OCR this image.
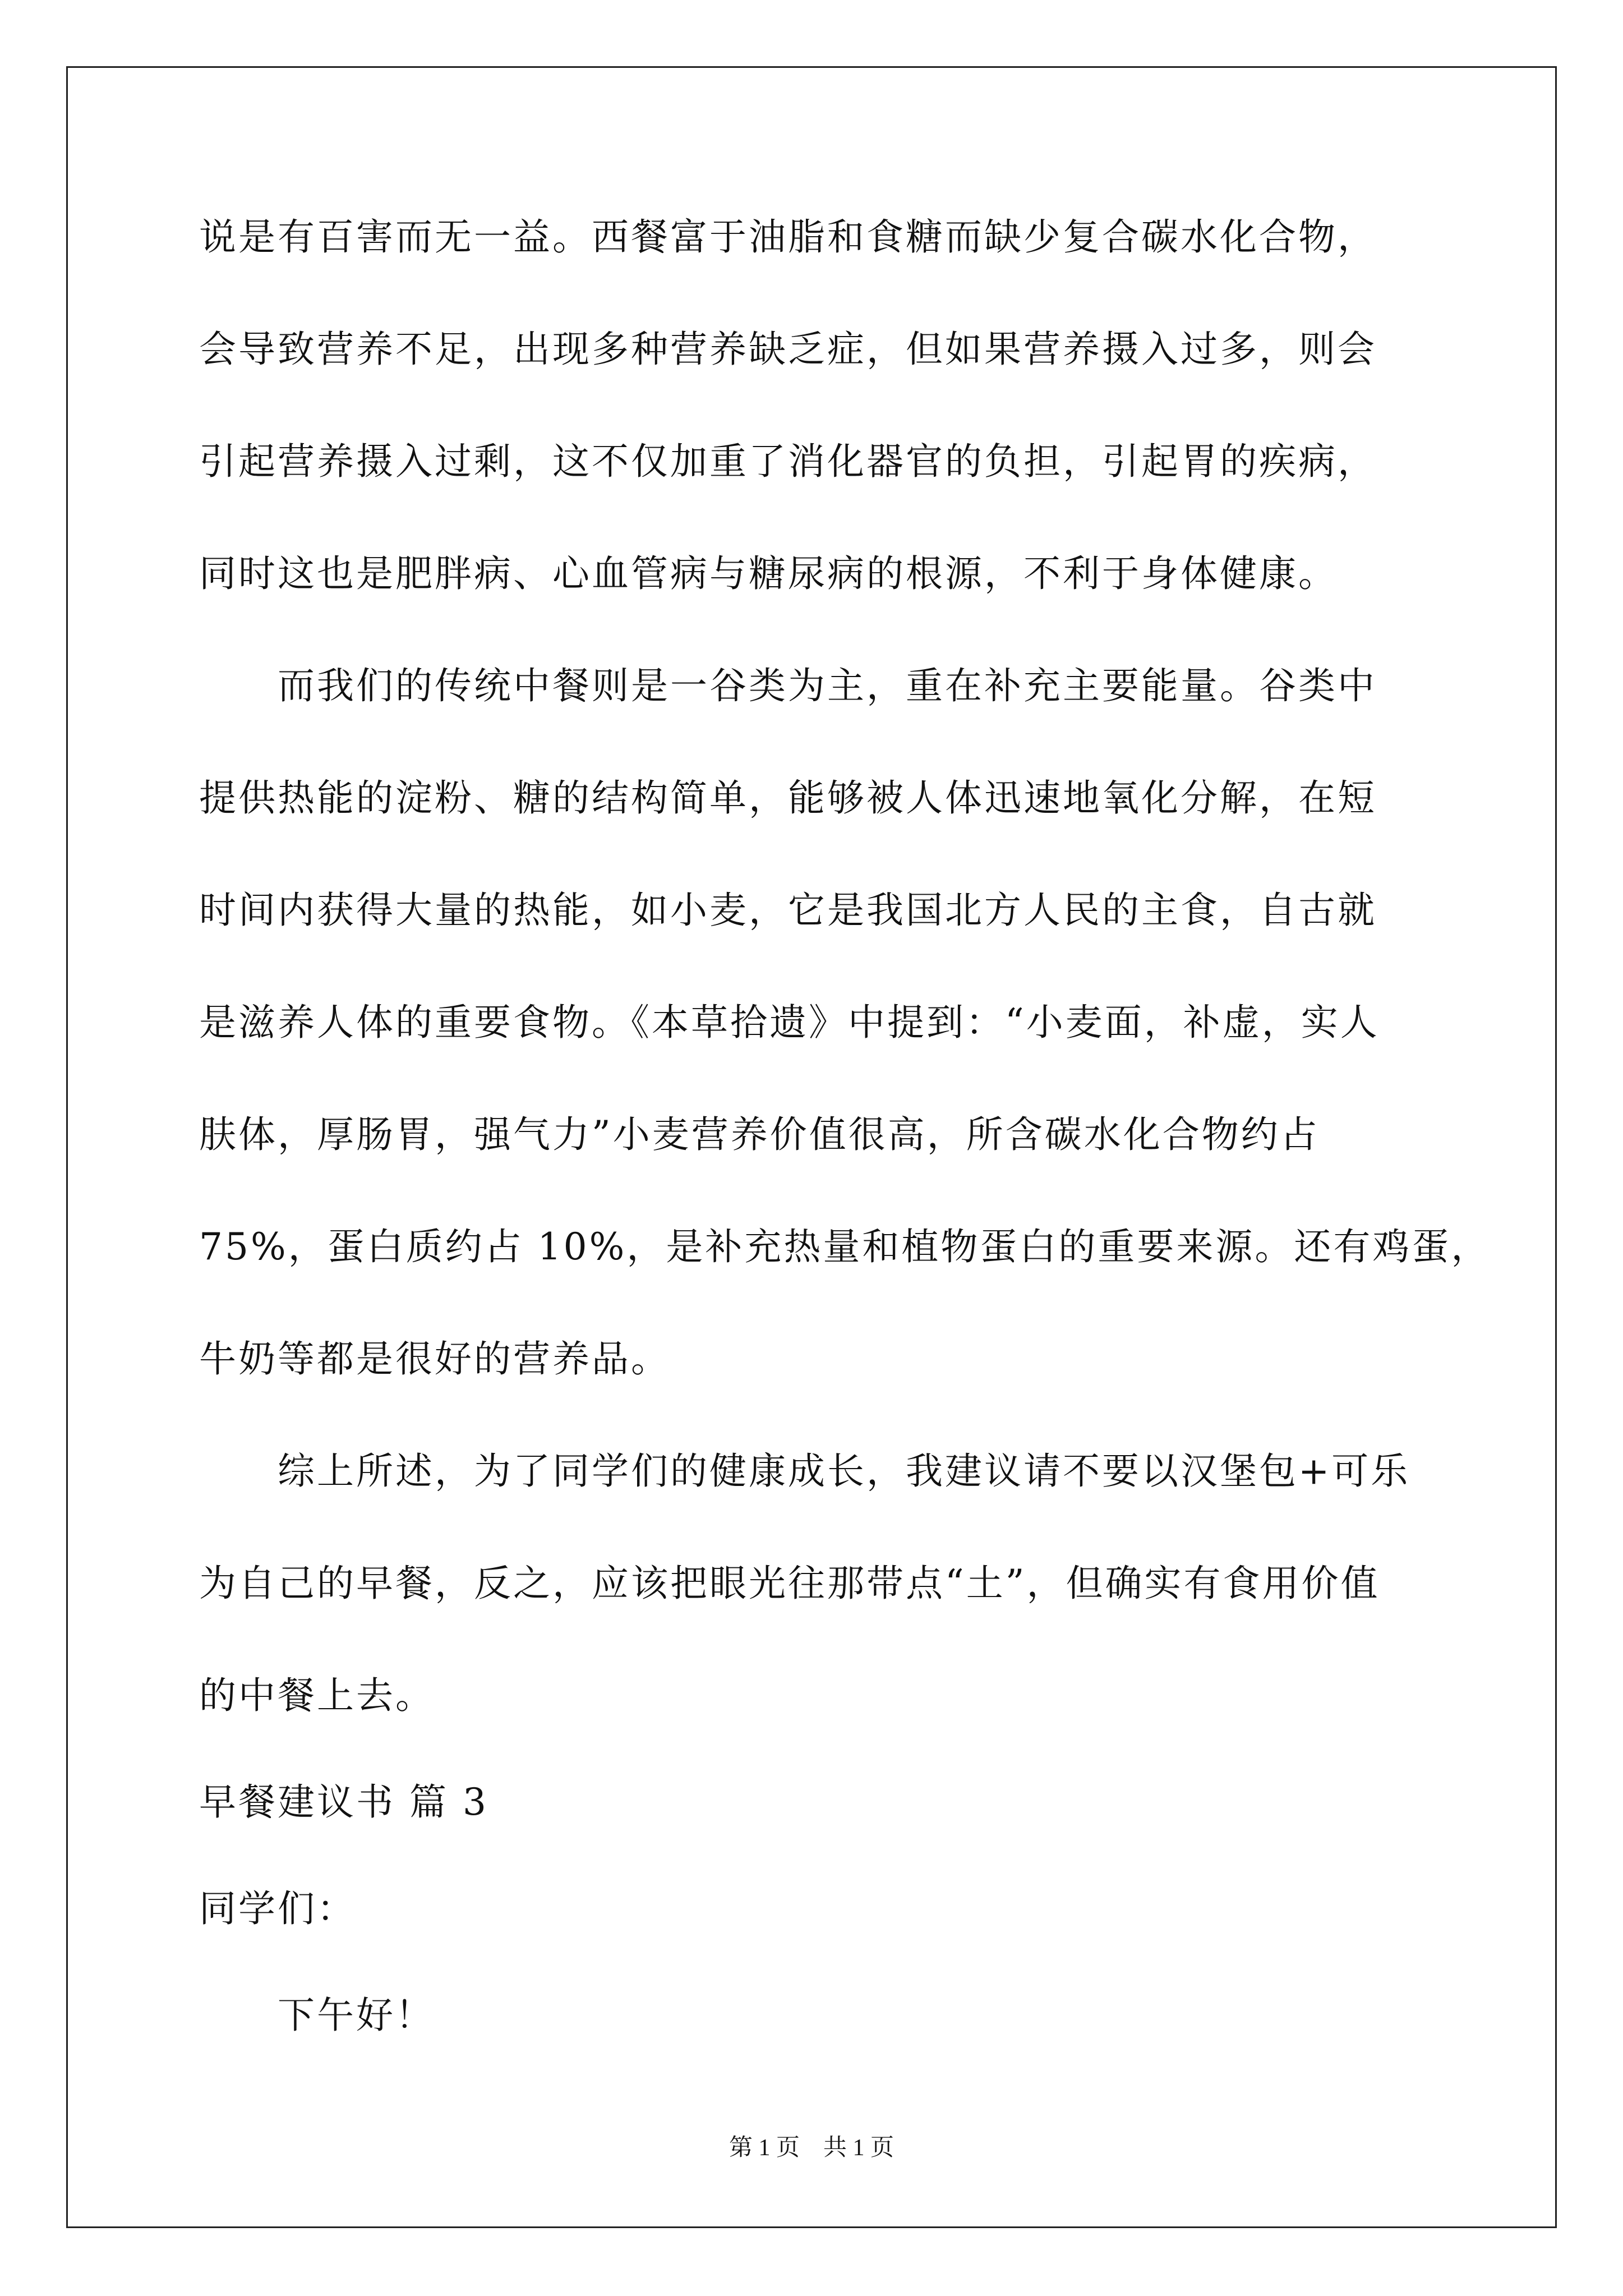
说是有百害而无一益。西餐富于油脂和食糖而缺少复合碳水化合物，

会导致营养不足，出现多种营养缺乏症，但如果营养摄入过多，则会

引起营养摄入过剩，这不仅加重了消化器官的负担，引起胃的疾病，

同时这也是肥胖病、心血管病与糖尿病的根源，不利于身体健康。

而我们的传统中餐则是一谷类为主，重在补充主要能量。谷类中

提供热能的淀粉、糖的结构简单，能够被人体迅速地氧化分解，在短

时间内获得大量的热能，如小麦，它是我国北方人民的主食，自古就

是滋养人体的重要食物。《本草拾遗》中提到：“小麦面，补虚，实人

肤体，厚肠胃，强气力”小麦营养价值很高，所含碳水化合物约占

75%，蛋白质约占 10%，是补充热量和植物蛋白的重要来源。还有鸡蛋，

牛奶等都是很好的营养品。

综上所述，为了同学们的健康成长，我建议请不要以汉堡包+可乐

为自己的早餐，反之，应该把眼光往那带点“土”，但确实有食用价值

的中餐上去。

早餐建议书 篇 3

同学们：

下午好！

第 1 页　共 1 页
